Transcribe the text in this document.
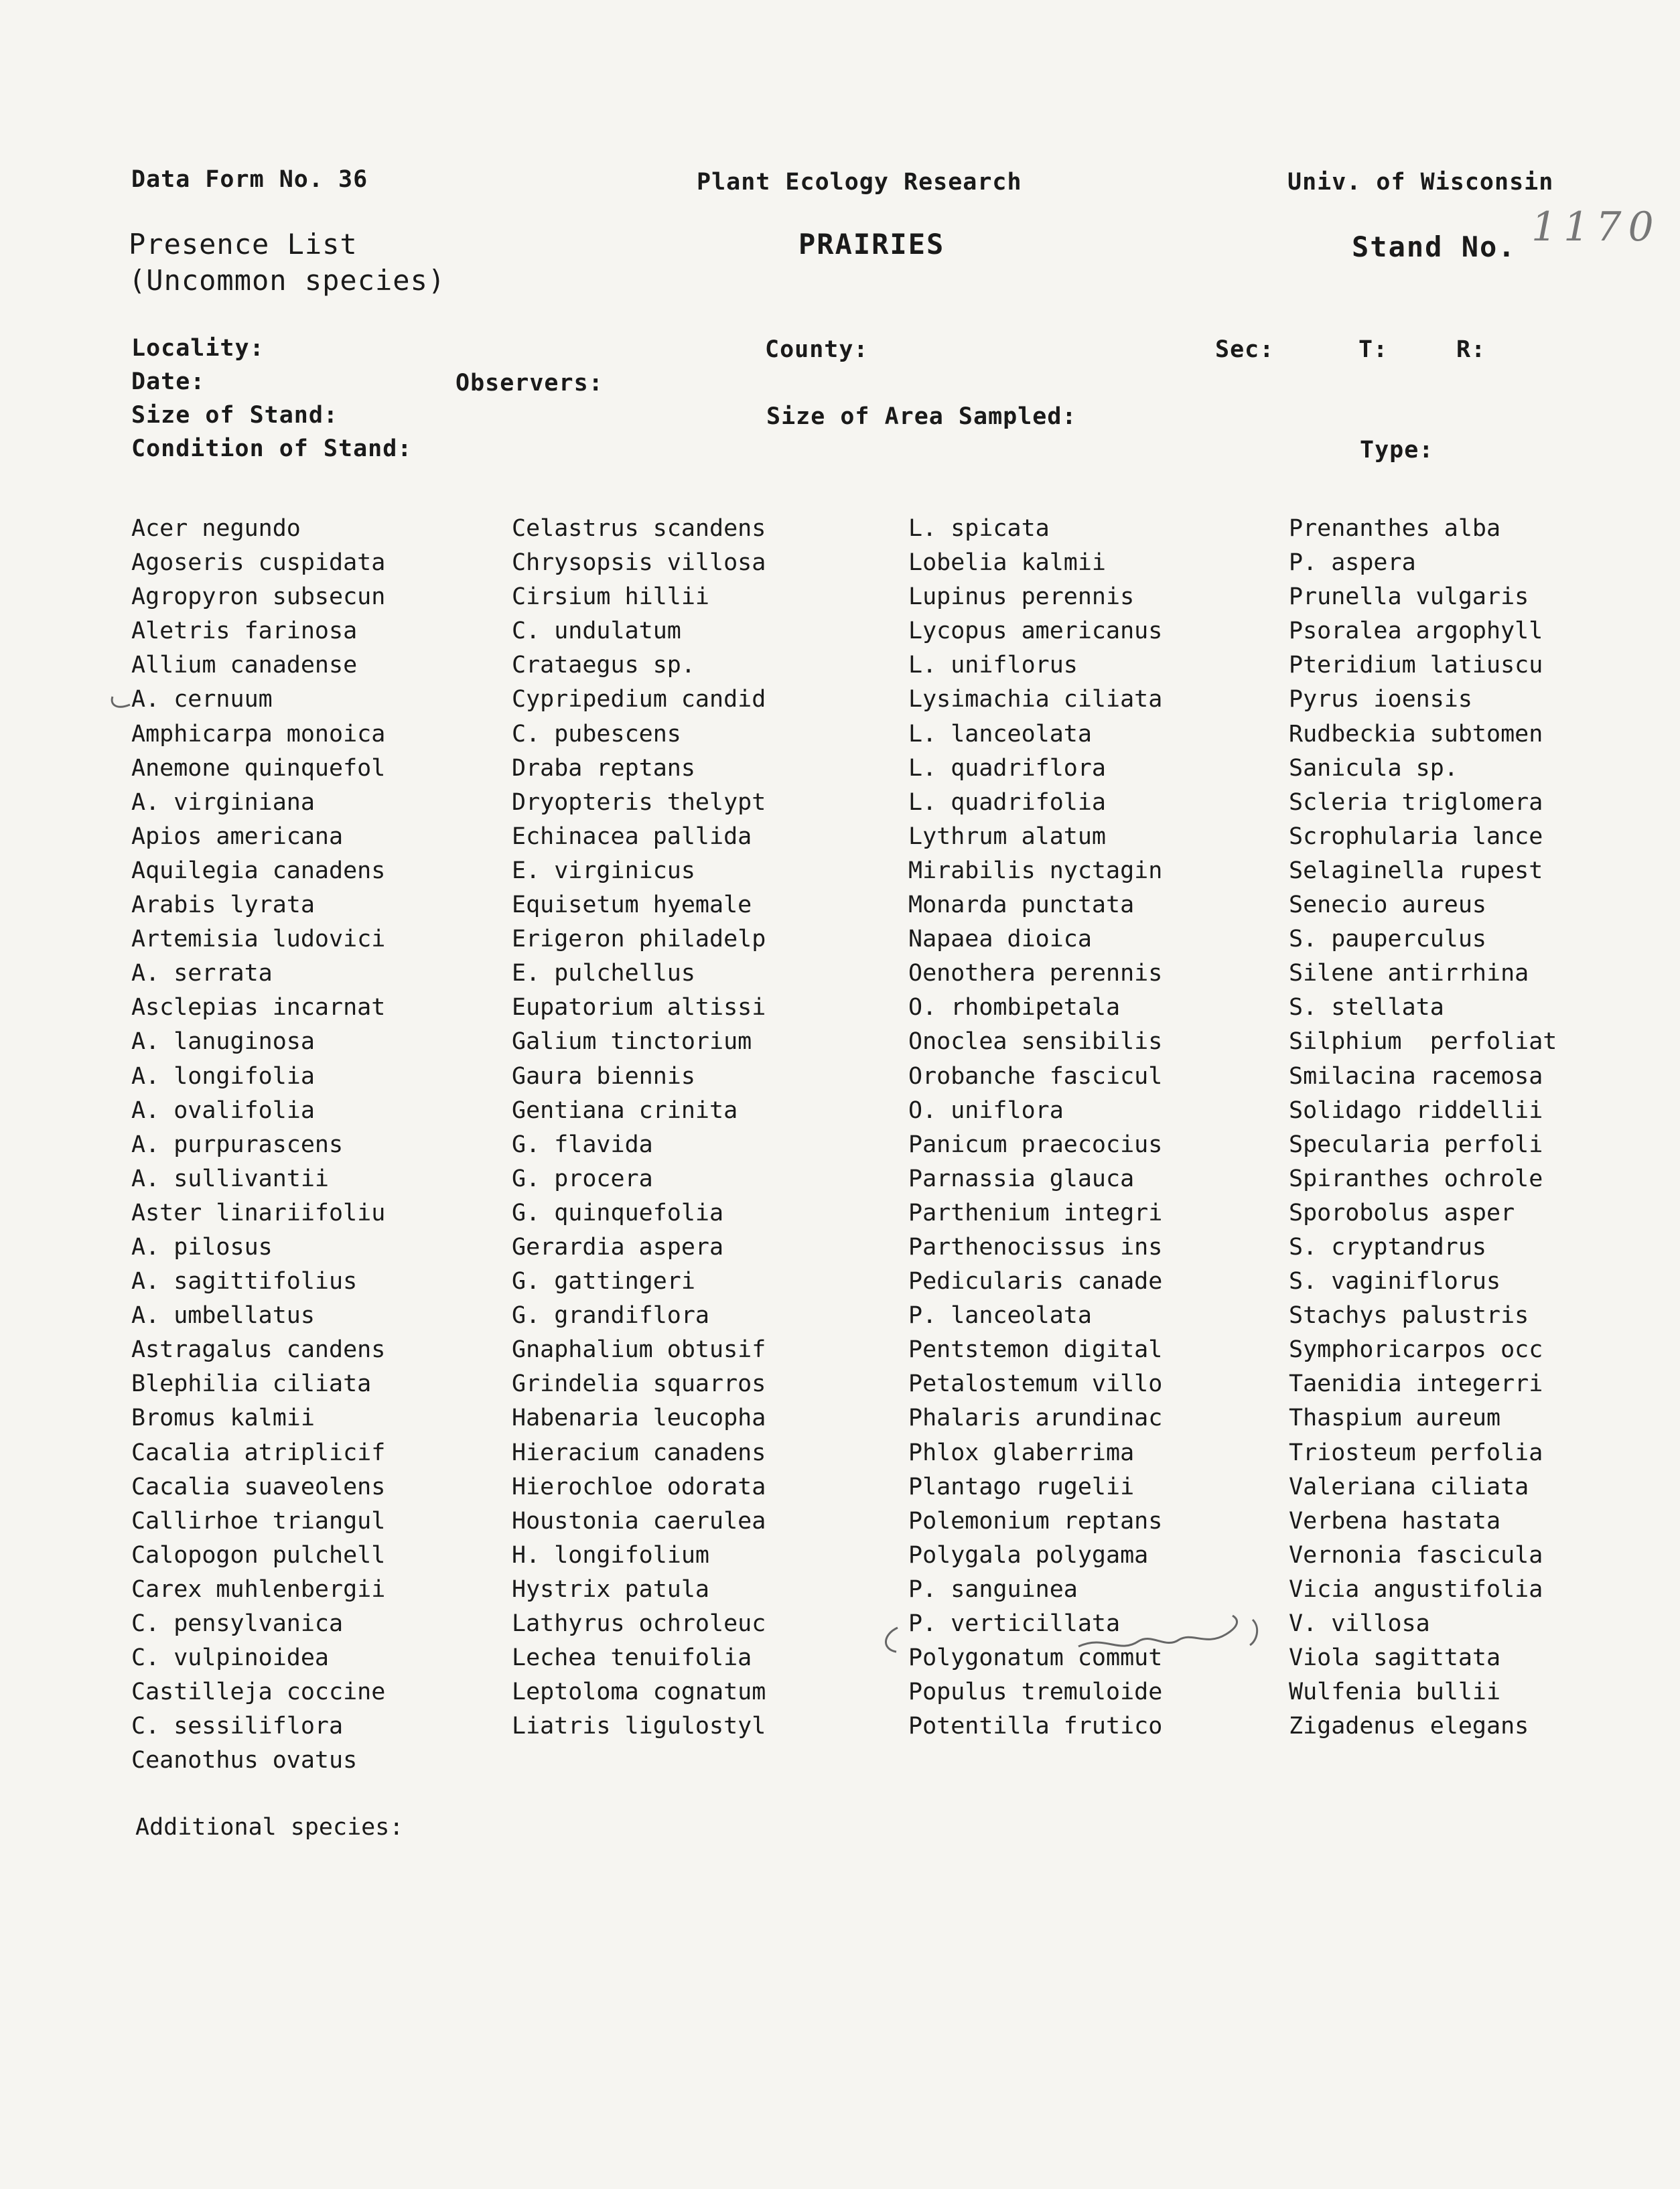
Data Form No. 36	Plant Ecology Research	Univ. of Wisconsin
Presence List
(Uncommon species)
PRAIRIES	Stand No. 1170
Locality:	County:	Sec:	T:	R:
Date:	Observers:
Size of Stand:	Size of Area Sampled:
Condition of Stand:	Type:
Acer negundo
Agoseris cuspidata
Agropyron subsecun
Aletris farinosa
Allium canadense
A. cernuum
Amphicarpa monoica
Anemone quinquefol
A. virginiana
Apios americana
Aquilegia canadens
Arabis lyrata
Artemisia ludovici
A. serrata
Asclepias incarnat
A. lanuginosa
A. longifolia
A. ovalifolia
A. purpurascens
A. sullivantii
Aster linariifoliu
A. pilosus
A. sagittifolius
A. umbellatus
Astragalus candens
Blephilia ciliata
Bromus kalmii
Cacalia atriplicif
Cacalia suaveolens
Callirhoe triangul
Calopogon pulchell
Carex muhlenbergii
C. pensylvanica
C. vulpinoidea
Castilleja coccine
C. sessiliflora
Ceanothus ovatus
Celastrus scandens
Chrysopsis villosa
Cirsium hillii
C. undulatum
Crataegus sp.
Cypripedium candid
C. pubescens
Draba reptans
Dryopteris thelypt
Echinacea pallida
E. virginicus
Equisetum hyemale
Erigeron philadelp
E. pulchellus
Eupatorium altissi
Galium tinctorium
Gaura biennis
Gentiana crinita
G. flavida
G. procera
G. quinquefolia
Gerardia aspera
G. gattingeri
G. grandiflora
Gnaphalium obtusif
Grindelia squarros
Habenaria leucopha
Hieracium canadens
Hierochloe odorata
Houstonia caerulea
H. longifolium
Hystrix patula
Lathyrus ochroleuc
Lechea tenuifolia
Leptoloma cognatum
Liatris ligulostyl
L. spicata
Lobelia kalmii
Lupinus perennis
Lycopus americanus
L. uniflorus
Lysimachia ciliata
L. lanceolata
L. quadriflora
L. quadrifolia
Lythrum alatum
Mirabilis nyctagin
Monarda punctata
Napaea dioica
Oenothera perennis
O. rhombipetala
Onoclea sensibilis
Orobanche fascicul
O. uniflora
Panicum praecocius
Parnassia glauca
Parthenium integri
Parthenocissus ins
Pedicularis canade
P. lanceolata
Pentstemon digital
Petalostemum villo
Phalaris arundinac
Phlox glaberrima
Plantago rugelii
Polemonium reptans
Polygala polygama
P. sanguinea
P. verticillata
Polygonatum commut
Populus tremuloide
Potentilla frutico
Prenanthes alba
P. aspera
Prunella vulgaris
Psoralea argophyll
Pteridium latiuscu
Pyrus ioensis
Rudbeckia subtomen
Sanicula sp.
Scleria triglomera
Scrophularia lance
Selaginella rupest
Senecio aureus
S. pauperculus
Silene antirrhina
S. stellata
Silphium  perfoliat
Smilacina racemosa
Solidago riddellii
Specularia perfoli
Spiranthes ochrole
Sporobolus asper
S. cryptandrus
S. vaginiflorus
Stachys palustris
Symphoricarpos occ
Taenidia integerri
Thaspium aureum
Triosteum perfolia
Valeriana ciliata
Verbena hastata
Vernonia fascicula
Vicia angustifolia
V. villosa
Viola sagittata
Wulfenia bullii
Zigadenus elegans
Additional species:
